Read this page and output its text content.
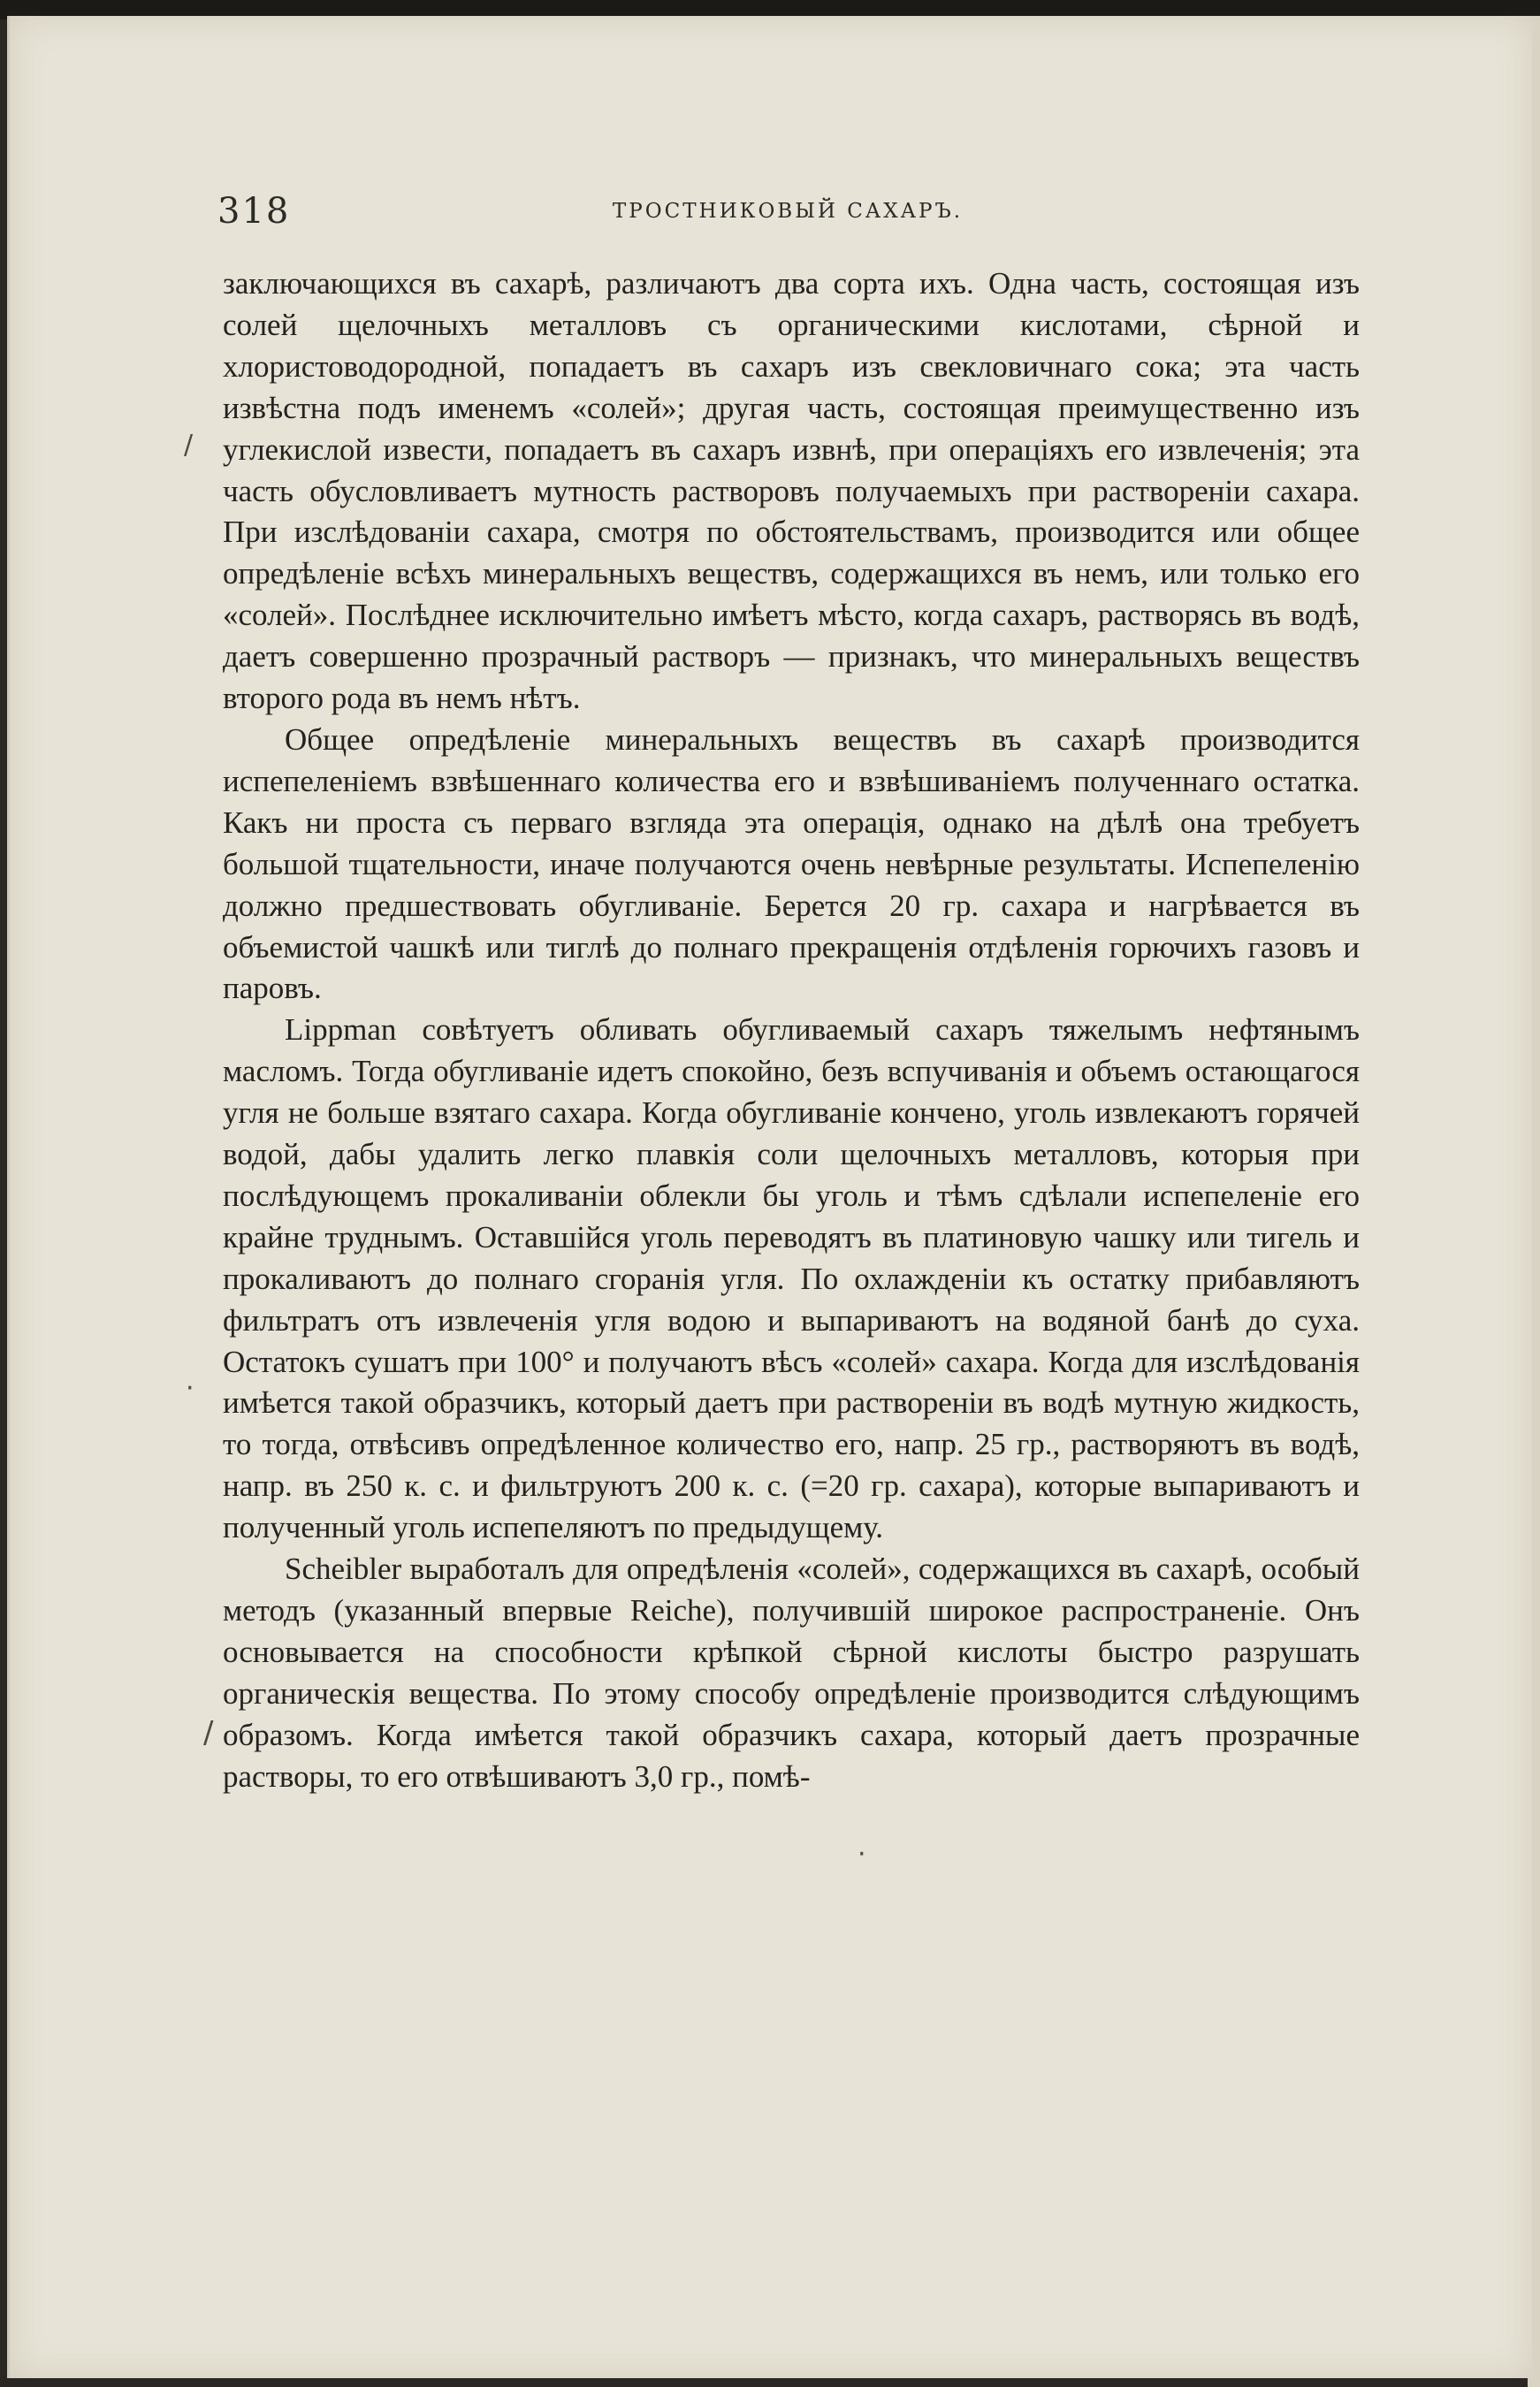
318	ТРОСТНИКОВЫЙ САХАРЪ.

заключающихся въ сахарѣ, различаютъ два сорта ихъ. Одна часть, состоящая изъ солей щелочныхъ металловъ съ органическими кислотами, сѣрной и хлористоводородной, попадаетъ въ сахаръ изъ свекловичнаго сока; эта часть извѣстна подъ именемъ «солей»; другая часть, состоящая преимущественно изъ углекислой извести, попадаетъ въ сахаръ извнѣ, при операціяхъ его извлеченія; эта часть обусловливаетъ мутность растворовъ получаемыхъ при раствореніи сахара. При изслѣдованіи сахара, смотря по обстоятельствамъ, производится или общее опредѣленіе всѣхъ минеральныхъ веществъ, содержащихся въ немъ, или только его «солей». Послѣднее исключительно имѣетъ мѣсто, когда сахаръ, растворясь въ водѣ, даетъ совершенно прозрачный растворъ — признакъ, что минеральныхъ веществъ второго рода въ немъ нѣтъ.

Общее опредѣленіе минеральныхъ веществъ въ сахарѣ производится испепеленіемъ взвѣшеннаго количества его и взвѣшиваніемъ полученнаго остатка. Какъ ни проста съ перваго взгляда эта операція, однако на дѣлѣ она требуетъ большой тщательности, иначе получаются очень невѣрные результаты. Испепеленію должно предшествовать обугливаніе. Берется 20 гр. сахара и нагрѣвается въ объемистой чашкѣ или тиглѣ до полнаго прекращенія отдѣленія горючихъ газовъ и паровъ.

Lippman совѣтуетъ обливать обугливаемый сахаръ тяжелымъ нефтянымъ масломъ. Тогда обугливаніе идетъ спокойно, безъ вспучиванія и объемъ остающагося угля не больше взятаго сахара. Когда обугливаніе кончено, уголь извлекаютъ горячей водой, дабы удалить легко плавкія соли щелочныхъ металловъ, которыя при послѣдующемъ прокаливаніи облекли бы уголь и тѣмъ сдѣлали испепеленіе его крайне труднымъ. Оставшійся уголь переводятъ въ платиновую чашку или тигель и прокаливаютъ до полнаго сгоранія угля. По охлажденіи къ остатку прибавляютъ фильтратъ отъ извлеченія угля водою и выпариваютъ на водяной банѣ до суха. Остатокъ сушатъ при 100° и получаютъ вѣсъ «солей» сахара. Когда для изслѣдованія имѣется такой образчикъ, который даетъ при раствореніи въ водѣ мутную жидкость, то тогда, отвѣсивъ опредѣленное количество его, напр. 25 гр., растворяютъ въ водѣ, напр. въ 250 к. с. и фильтруютъ 200 к. с. (=20 гр. сахара), которые выпариваютъ и полученный уголь испепеляютъ по предыдущему.

Scheibler выработалъ для опредѣленія «солей», содержащихся въ сахарѣ, особый методъ (указанный впервые Reiche), получившій широкое распространеніе. Онъ основывается на способности крѣпкой сѣрной кислоты быстро разрушать органическія вещества. По этому способу опредѣленіе производится слѣдующимъ образомъ. Когда имѣется такой образчикъ сахара, который даетъ прозрачные растворы, то его отвѣшиваютъ 3,0 гр., помѣ-

/
/
·
·
